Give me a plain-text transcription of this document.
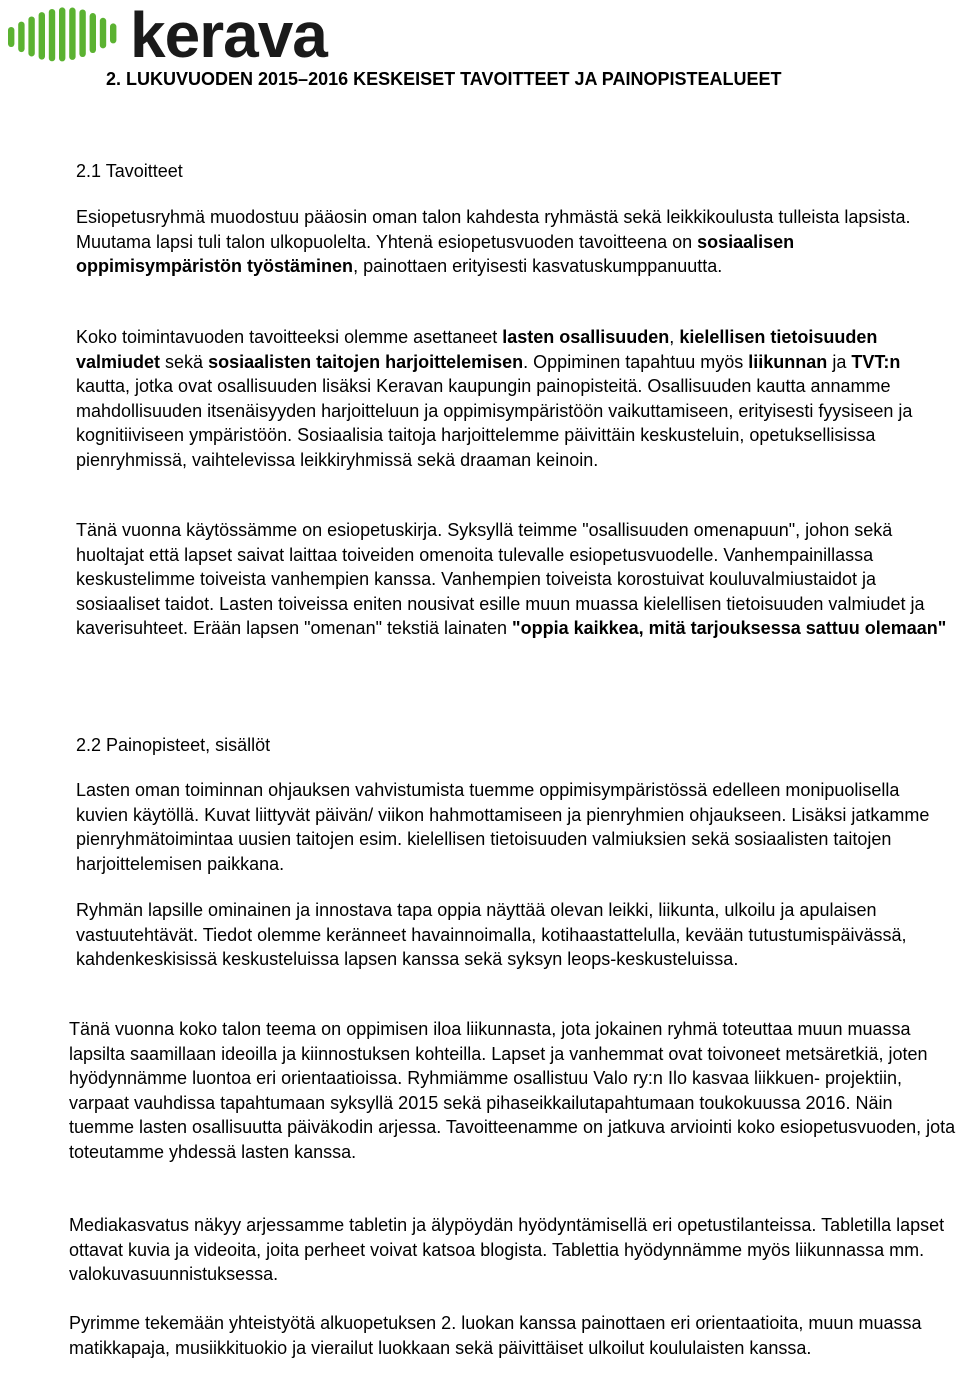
kerava
2. LUKUVUODEN 2015–2016 KESKEISET TAVOITTEET JA PAINOPISTEALUEET
2.1 Tavoitteet

Esiopetusryhmä muodostuu pääosin oman talon kahdesta ryhmästä sekä leikkikoulusta tulleista lapsista. Muutama lapsi tuli talon ulkopuolelta. Yhtenä esiopetusvuoden tavoitteena on sosiaalisen oppimisympäristön työstäminen, painottaen erityisesti kasvatuskumppanuutta.

Koko toimintavuoden tavoitteeksi olemme asettaneet lasten osallisuuden, kielellisen tietoisuuden valmiudet sekä sosiaalisten taitojen harjoittelemisen. Oppiminen tapahtuu myös liikunnan ja TVT:n kautta, jotka ovat osallisuuden lisäksi Keravan kaupungin painopisteitä. Osallisuuden kautta annamme mahdollisuuden itsenäisyyden harjoitteluun ja oppimisympäristöön vaikuttamiseen, erityisesti fyysiseen ja kognitiiviseen ympäristöön. Sosiaalisia taitoja harjoittelemme päivittäin keskusteluin, opetuksellisissa pienryhmissä, vaihtelevissa leikkiryhmissä sekä draaman keinoin.

Tänä vuonna käytössämme on esiopetuskirja. Syksyllä teimme "osallisuuden omenapuun", johon sekä huoltajat että lapset saivat laittaa toiveiden omenoita tulevalle esiopetusvuodelle. Vanhempainillassa keskustelimme toiveista vanhempien kanssa. Vanhempien toiveista korostuivat kouluvalmiustaidot ja sosiaaliset taidot. Lasten toiveissa eniten nousivat esille muun muassa kielellisen tietoisuuden valmiudet ja kaverisuhteet. Erään lapsen "omenan" tekstiä lainaten "oppia kaikkea, mitä tarjouksessa sattuu olemaan"

2.2 Painopisteet, sisällöt

Lasten oman toiminnan ohjauksen vahvistumista tuemme oppimisympäristössä edelleen monipuolisella kuvien käytöllä. Kuvat liittyvät päivän/ viikon hahmottamiseen ja pienryhmien ohjaukseen. Lisäksi jatkamme pienryhmätoimintaa uusien taitojen esim. kielellisen tietoisuuden valmiuksien sekä sosiaalisten taitojen harjoittelemisen paikkana.

Ryhmän lapsille ominainen ja innostava tapa oppia näyttää olevan leikki, liikunta, ulkoilu ja apulaisen vastuutehtävät. Tiedot olemme keränneet havainnoimalla, kotihaastattelulla, kevään tutustumispäivässä, kahdenkeskisissä keskusteluissa lapsen kanssa sekä syksyn leops-keskusteluissa.

Tänä vuonna koko talon teema on oppimisen iloa liikunnasta, jota jokainen ryhmä toteuttaa muun muassa lapsilta saamillaan ideoilla ja kiinnostuksen kohteilla. Lapset ja vanhemmat ovat toivoneet metsäretkiä, joten hyödynnämme luontoa eri orientaatioissa. Ryhmiämme osallistuu Valo ry:n Ilo kasvaa liikkuen- projektiin, varpaat vauhdissa tapahtumaan syksyllä 2015 sekä pihaseikkailutapahtumaan toukokuussa 2016. Näin tuemme lasten osallisuutta päiväkodin arjessa. Tavoitteenamme on jatkuva arviointi koko esiopetusvuoden, jota toteutamme yhdessä lasten kanssa.

Mediakasvatus näkyy arjessamme tabletin ja älypöydän hyödyntämisellä eri opetustilanteissa. Tabletilla lapset ottavat kuvia ja videoita, joita perheet voivat katsoa blogista. Tablettia hyödynnämme myös liikunnassa mm. valokuvasuunnistuksessa.

Pyrimme tekemään yhteistyötä alkuopetuksen 2. luokan kanssa painottaen eri orientaatioita, muun muassa matikkapaja, musiikkituokio ja vierailut luokkaan sekä päivittäiset ulkoilut koululaisten kanssa.
